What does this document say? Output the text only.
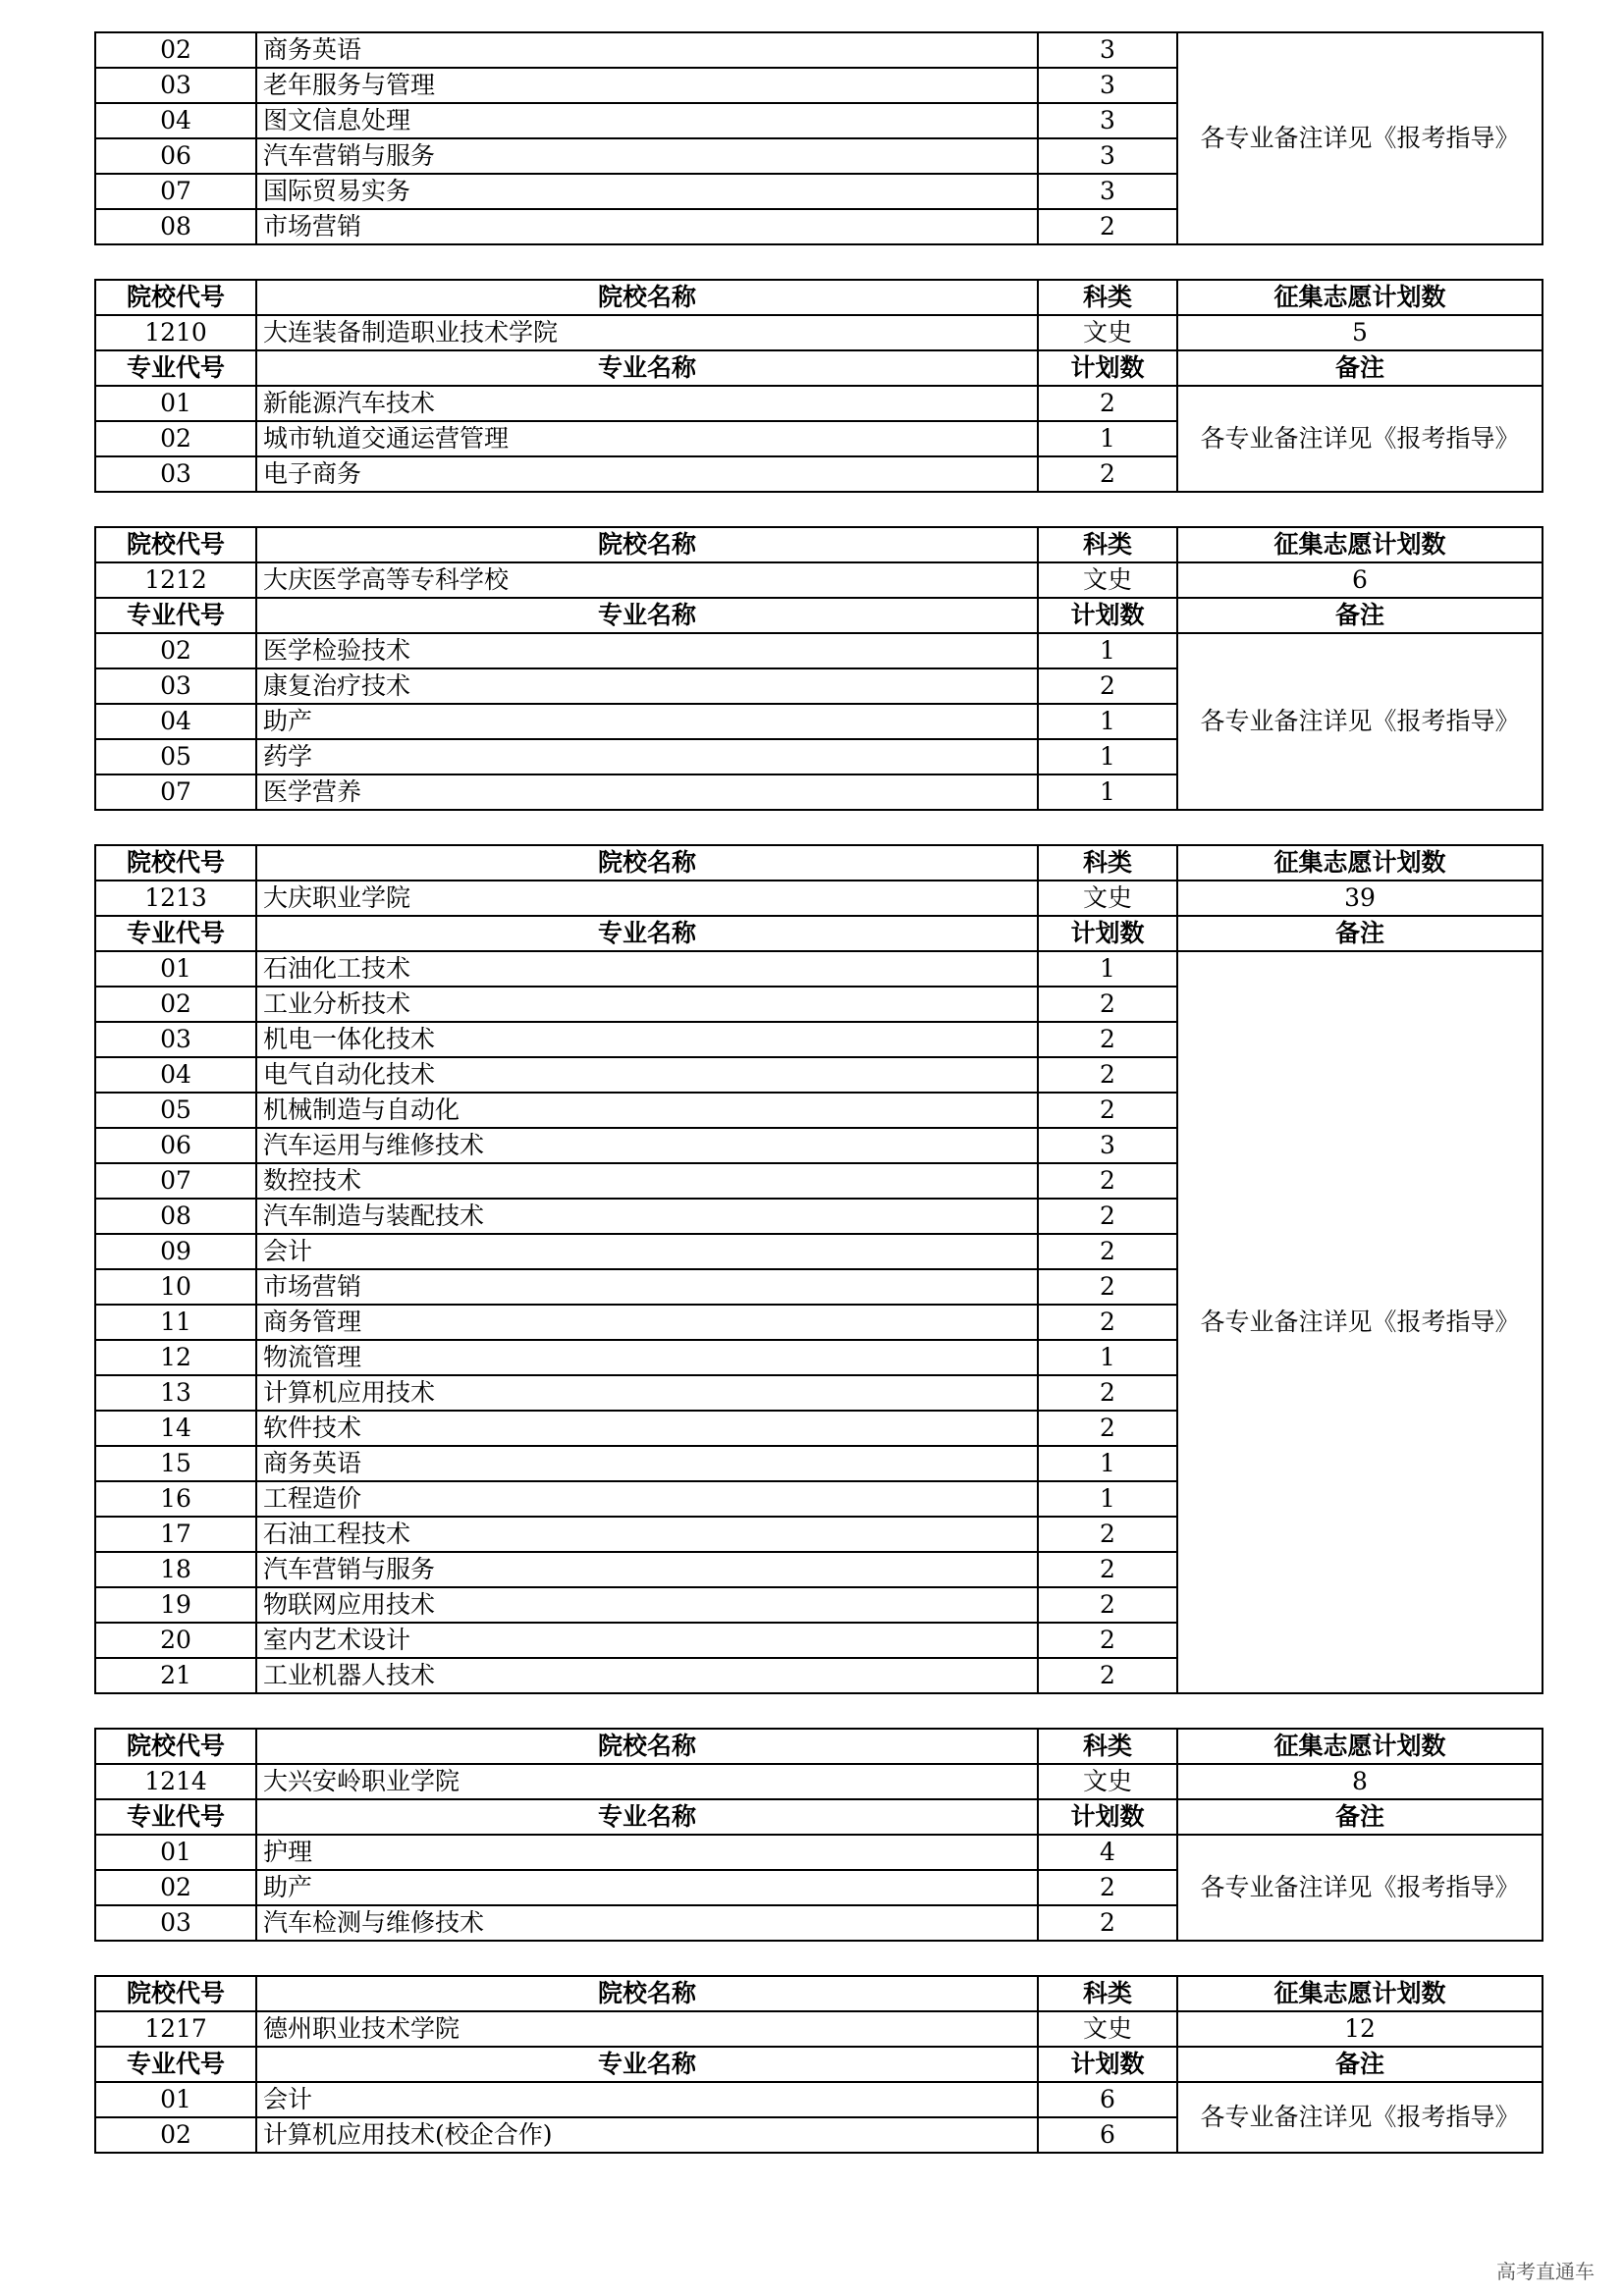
02	商务英语	3	各专业备注详见《报考指导》
03	老年服务与管理	3	
04	图文信息处理	3	
06	汽车营销与服务	3	
07	国际贸易实务	3	
08	市场营销	2	
院校代号	院校名称	科类	征集志愿计划数
1210	大连装备制造职业技术学院	文史	5
专业代号	专业名称	计划数	备注
01	新能源汽车技术	2	各专业备注详见《报考指导》
02	城市轨道交通运营管理	1	
03	电子商务	2	
院校代号	院校名称	科类	征集志愿计划数
1212	大庆医学高等专科学校	文史	6
专业代号	专业名称	计划数	备注
02	医学检验技术	1	各专业备注详见《报考指导》
03	康复治疗技术	2	
04	助产	1	
05	药学	1	
07	医学营养	1	
院校代号	院校名称	科类	征集志愿计划数
1213	大庆职业学院	文史	39
专业代号	专业名称	计划数	备注
01	石油化工技术	1	各专业备注详见《报考指导》
02	工业分析技术	2	
03	机电一体化技术	2	
04	电气自动化技术	2	
05	机械制造与自动化	2	
06	汽车运用与维修技术	3	
07	数控技术	2	
08	汽车制造与装配技术	2	
09	会计	2	
10	市场营销	2	
11	商务管理	2	
12	物流管理	1	
13	计算机应用技术	2	
14	软件技术	2	
15	商务英语	1	
16	工程造价	1	
17	石油工程技术	2	
18	汽车营销与服务	2	
19	物联网应用技术	2	
20	室内艺术设计	2	
21	工业机器人技术	2	
院校代号	院校名称	科类	征集志愿计划数
1214	大兴安岭职业学院	文史	8
专业代号	专业名称	计划数	备注
01	护理	4	各专业备注详见《报考指导》
02	助产	2	
03	汽车检测与维修技术	2	
院校代号	院校名称	科类	征集志愿计划数
1217	德州职业技术学院	文史	12
专业代号	专业名称	计划数	备注
01	会计	6	各专业备注详见《报考指导》
02	计算机应用技术(校企合作)	6	
高考直通车
